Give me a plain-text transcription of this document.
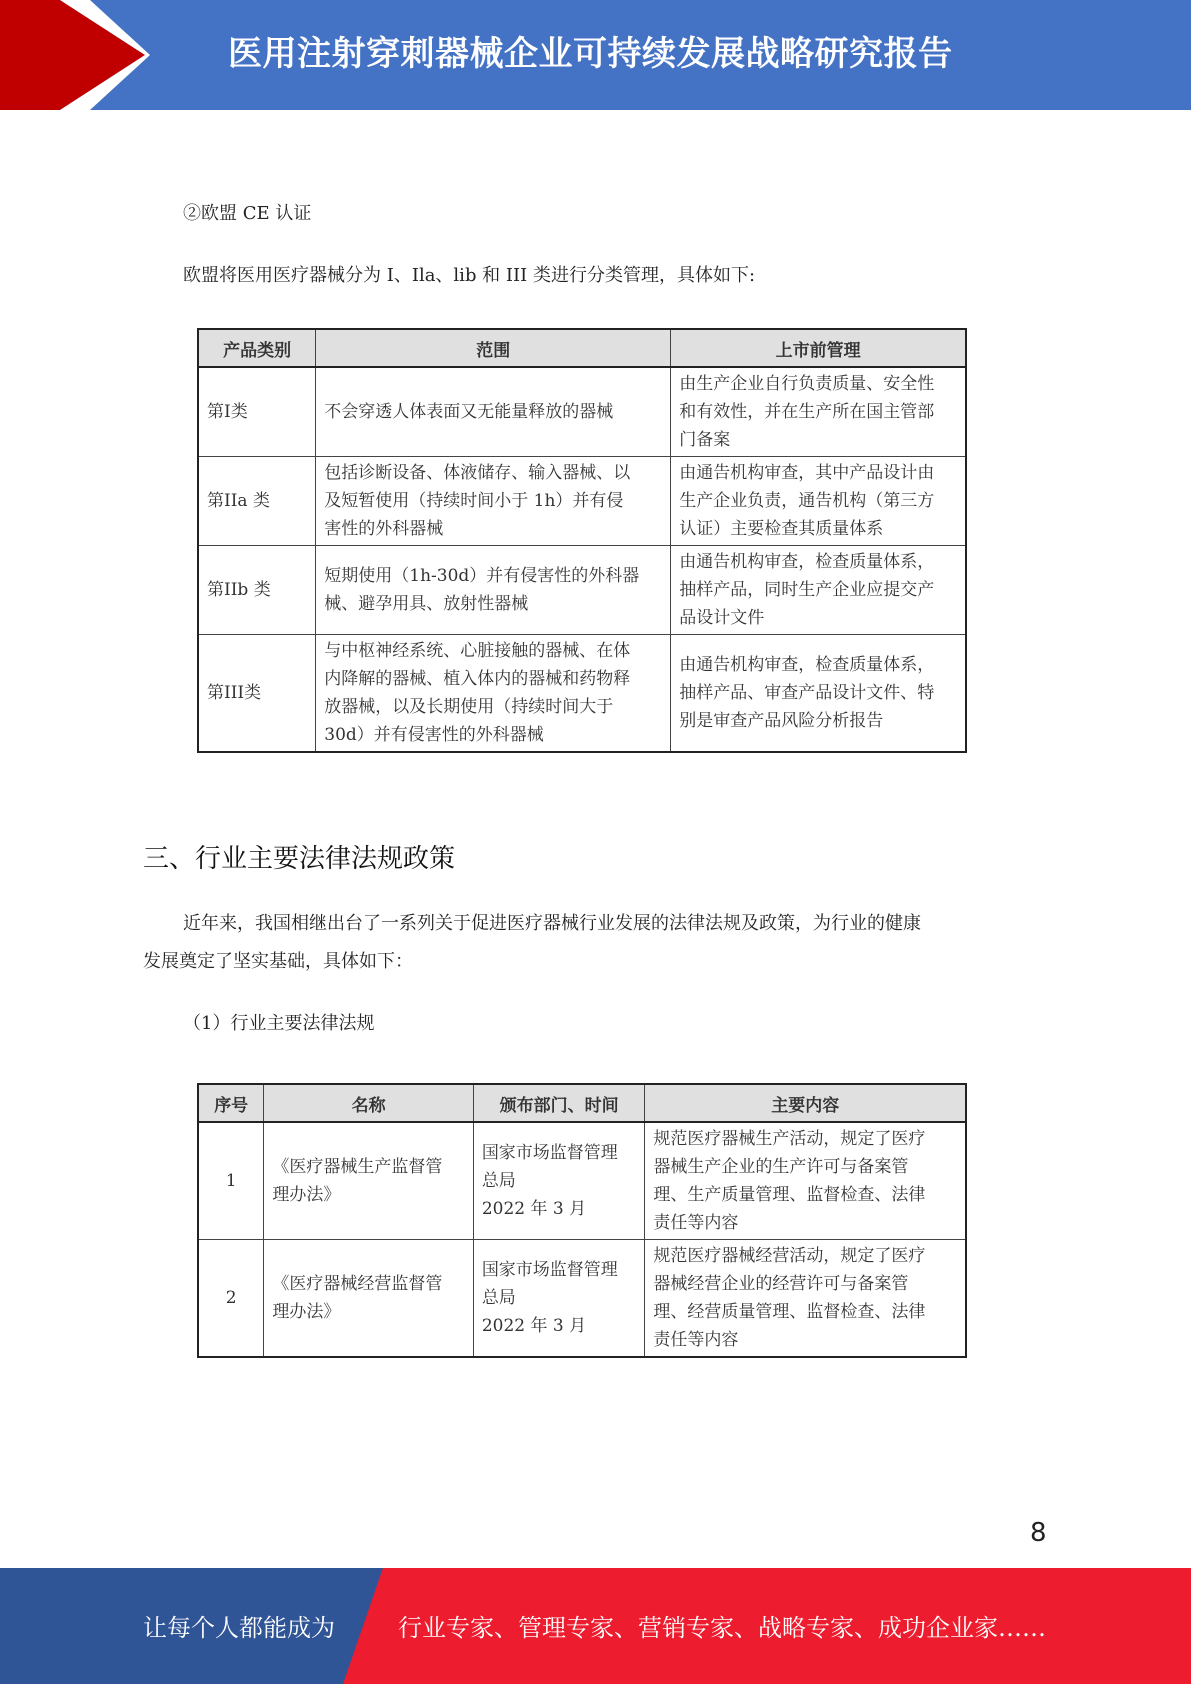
医用注射穿刺器械企业可持续发展战略研究报告
②欧盟 CE 认证
欧盟将医用医疗器械分为 I、Ila、lib 和 III 类进行分类管理，具体如下:
产品类别	范围	上市前管理
第I类	不会穿透人体表面又无能量释放的器械	由生产企业自行负责质量、安全性
和有效性，并在生产所在国主管部
门备案
第IIa 类	包括诊断设备、体液储存、输入器械、以
及短暂使用（持续时间小于 1h）并有侵
害性的外科器械	由通告机构审查，其中产品设计由
生产企业负责，通告机构（第三方
认证）主要检查其质量体系
第IIb 类	短期使用（1h-30d）并有侵害性的外科器
械、避孕用具、放射性器械	由通告机构审查，检查质量体系，
抽样产品，同时生产企业应提交产
品设计文件
第III类	与中枢神经系统、心脏接触的器械、在体
内降解的器械、植入体内的器械和药物释
放器械，以及长期使用（持续时间大于
30d）并有侵害性的外科器械	由通告机构审查，检查质量体系，
抽样产品、审查产品设计文件、特
别是审查产品风险分析报告
三、行业主要法律法规政策
近年来，我国相继出台了一系列关于促进医疗器械行业发展的法律法规及政策，为行业的健康
发展奠定了坚实基础，具体如下：
（1）行业主要法律法规
序号	名称	颁布部门、时间	主要内容
1	《医疗器械生产监督管
理办法》	国家市场监督管理
总局
2022 年 3 月	规范医疗器械生产活动，规定了医疗
器械生产企业的生产许可与备案管
理、生产质量管理、监督检查、法律
责任等内容
2	《医疗器械经营监督管
理办法》	国家市场监督管理
总局
2022 年 3 月	规范医疗器械经营活动，规定了医疗
器械经营企业的经营许可与备案管
理、经营质量管理、监督检查、法律
责任等内容
8
让每个人都能成为	行业专家、管理专家、营销专家、战略专家、成功企业家……
